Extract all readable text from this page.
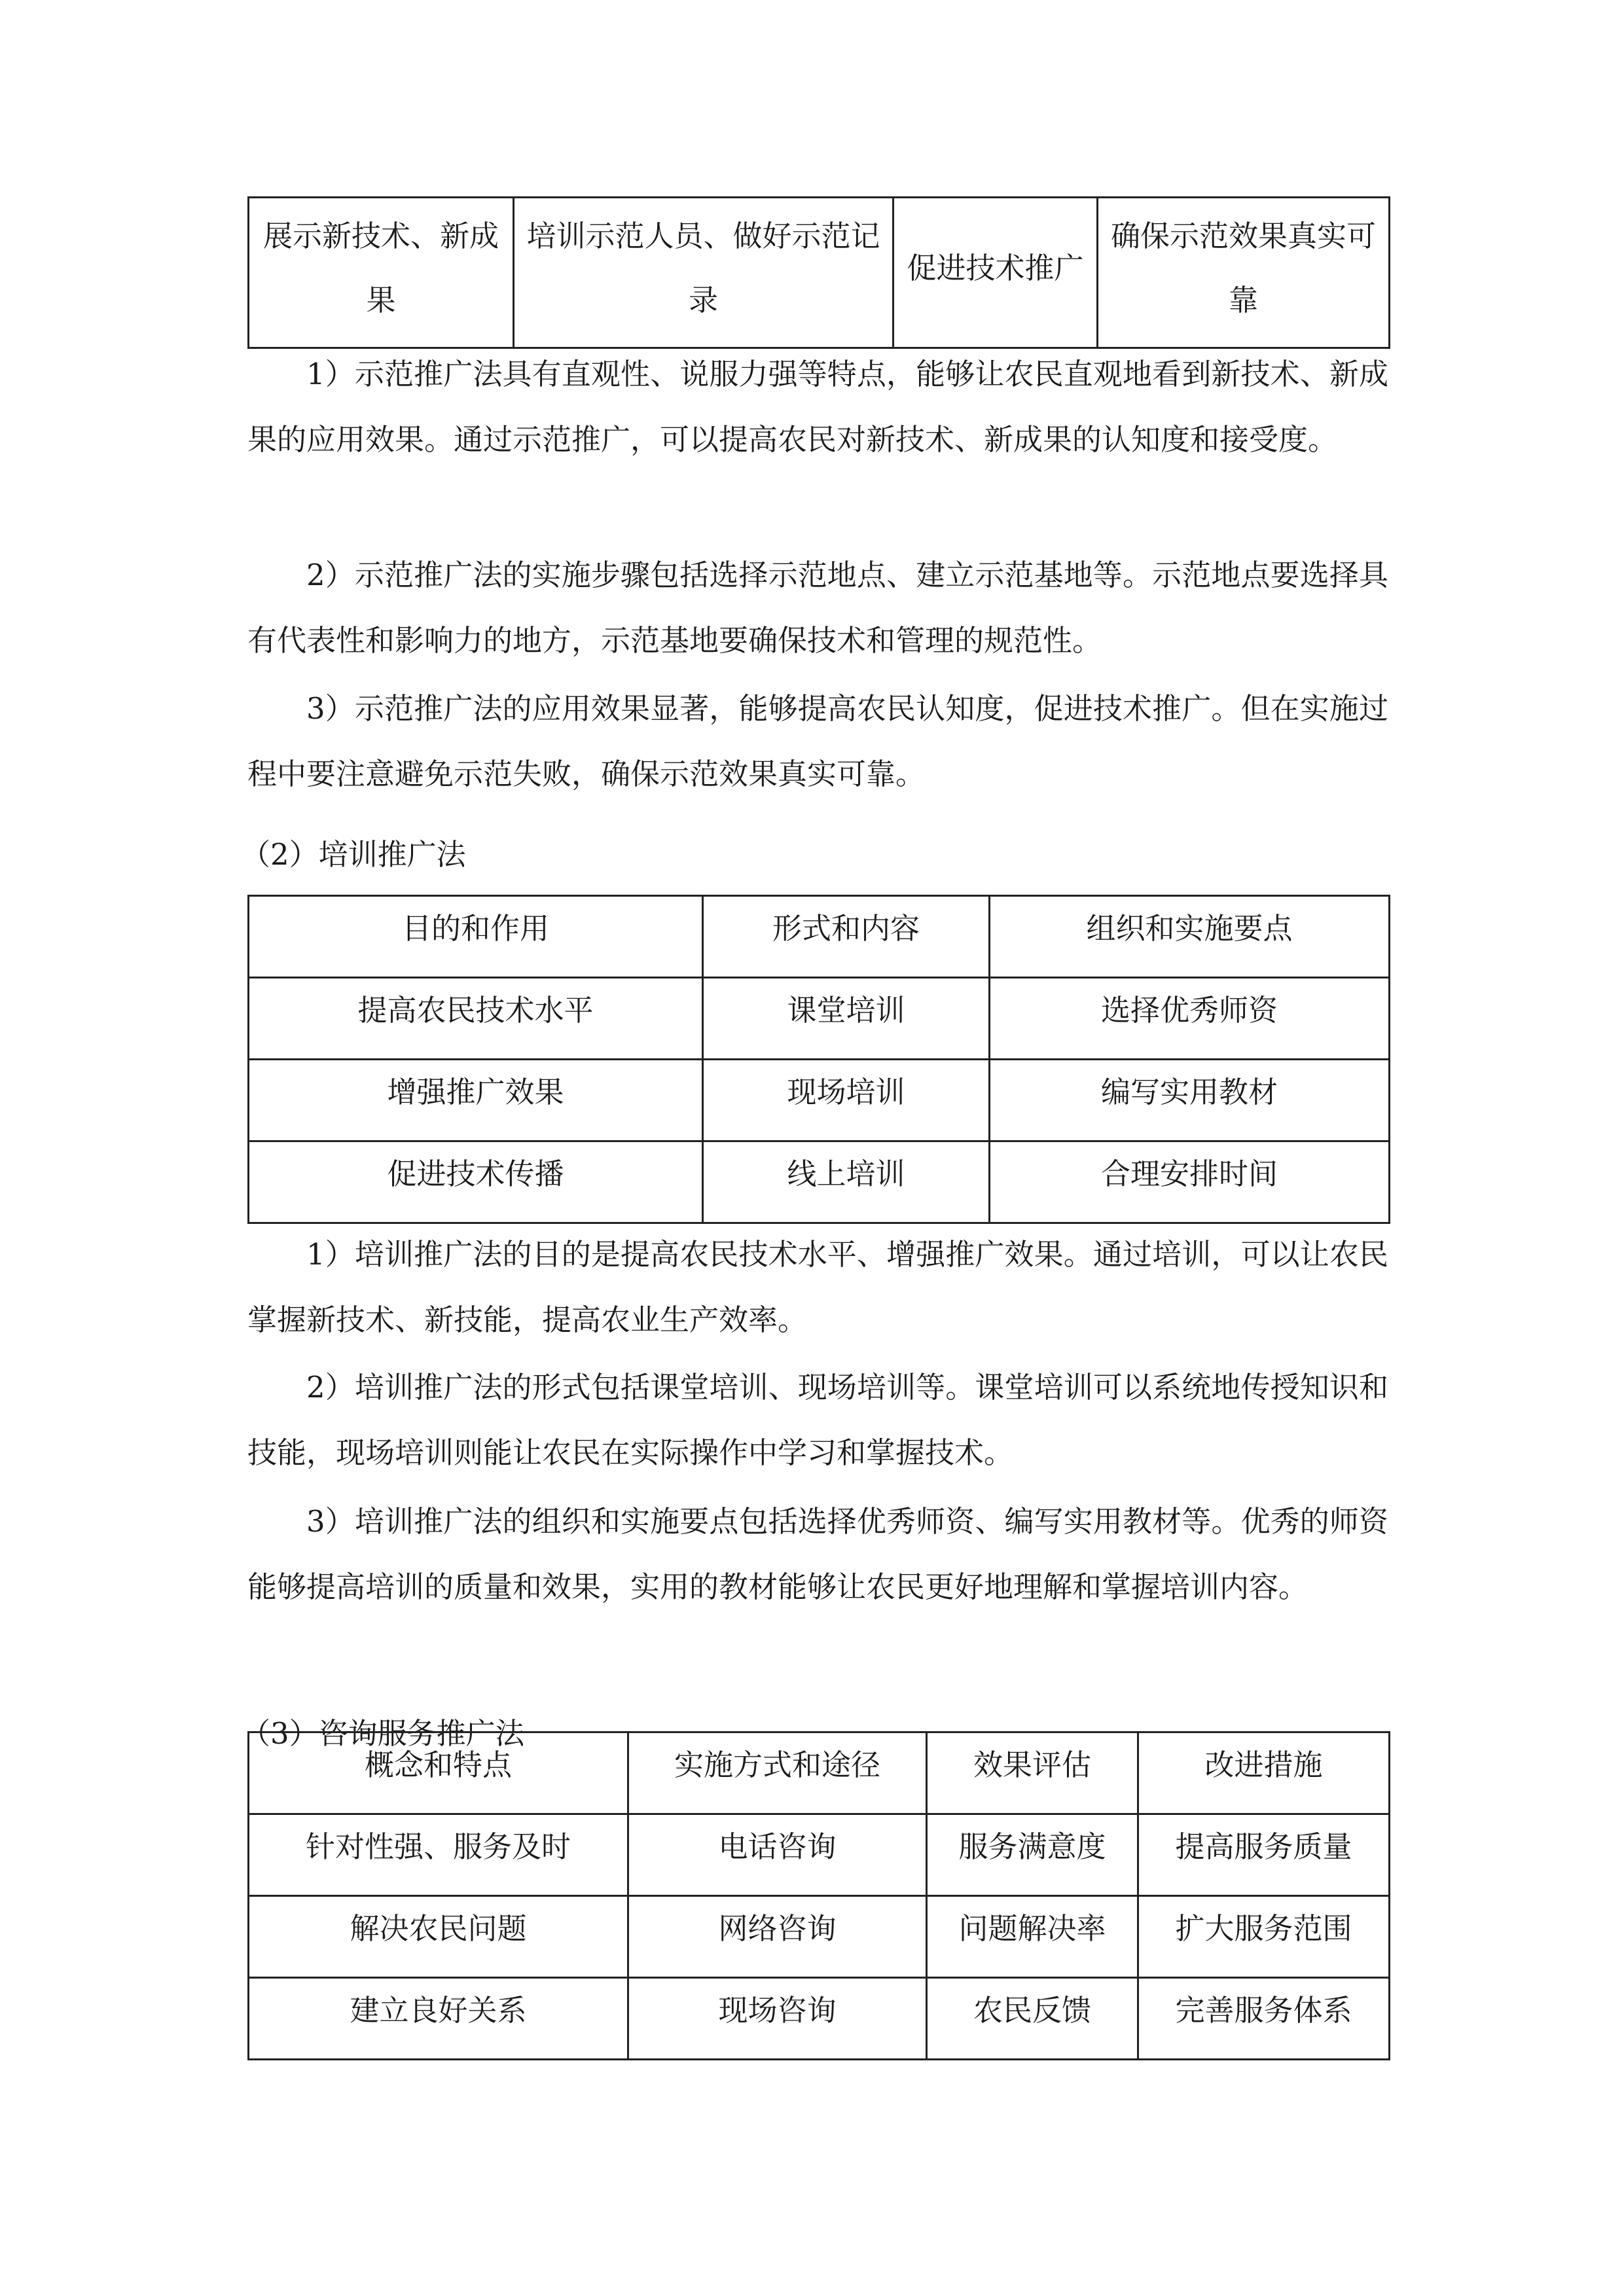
展示新技术、新成果	培训示范人员、做好示范记录	促进技术推广	确保示范效果真实可靠

1）示范推广法具有直观性、说服力强等特点，能够让农民直观地看到新技术、新成果的应用效果。通过示范推广，可以提高农民对新技术、新成果的认知度和接受度。

2）示范推广法的实施步骤包括选择示范地点、建立示范基地等。示范地点要选择具有代表性和影响力的地方，示范基地要确保技术和管理的规范性。

3）示范推广法的应用效果显著，能够提高农民认知度，促进技术推广。但在实施过程中要注意避免示范失败，确保示范效果真实可靠。

（2）培训推广法

目的和作用	形式和内容	组织和实施要点
提高农民技术水平	课堂培训	选择优秀师资
增强推广效果	现场培训	编写实用教材
促进技术传播	线上培训	合理安排时间

1）培训推广法的目的是提高农民技术水平、增强推广效果。通过培训，可以让农民掌握新技术、新技能，提高农业生产效率。

2）培训推广法的形式包括课堂培训、现场培训等。课堂培训可以系统地传授知识和技能，现场培训则能让农民在实际操作中学习和掌握技术。

3）培训推广法的组织和实施要点包括选择优秀师资、编写实用教材等。优秀的师资能够提高培训的质量和效果，实用的教材能够让农民更好地理解和掌握培训内容。

（3）咨询服务推广法

概念和特点	实施方式和途径	效果评估	改进措施
针对性强、服务及时	电话咨询	服务满意度	提高服务质量
解决农民问题	网络咨询	问题解决率	扩大服务范围
建立良好关系	现场咨询	农民反馈	完善服务体系
